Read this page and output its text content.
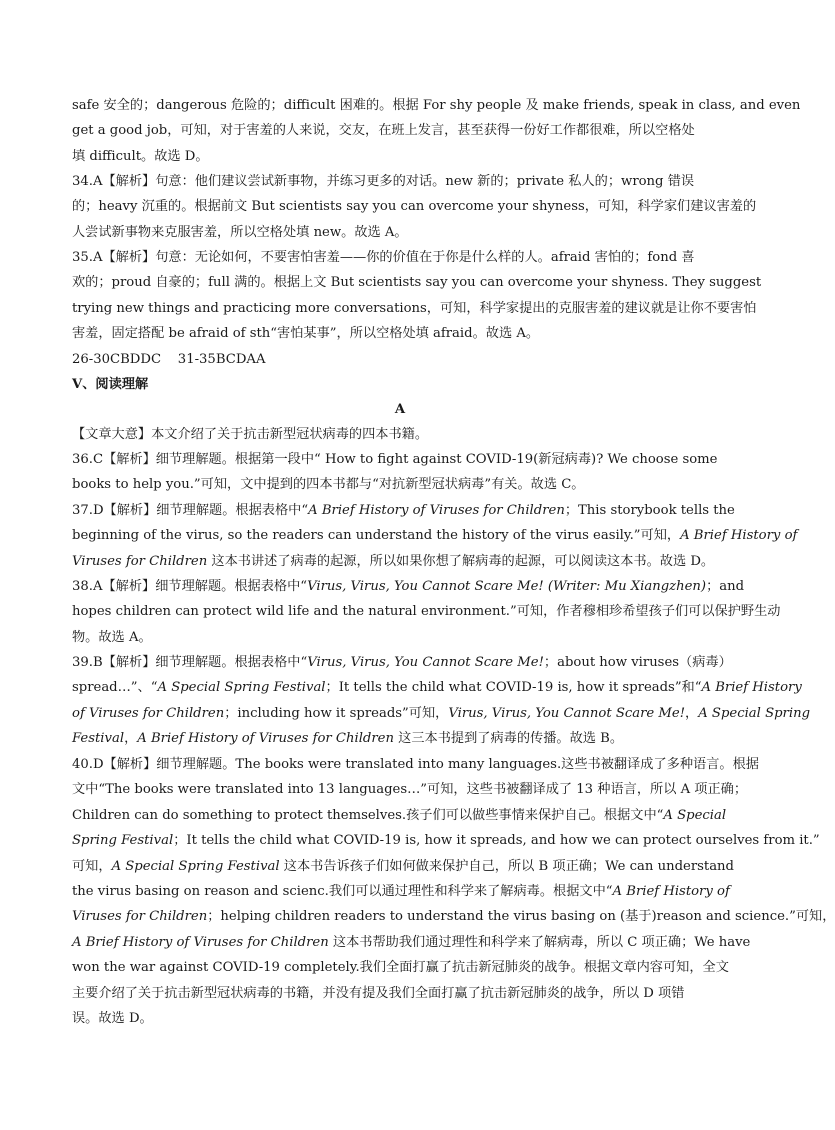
safe 安全的；dangerous 危险的；difficult 困难的。根据 For shy people 及 make friends, speak in class, and even
get a good job，可知，对于害羞的人来说，交友，在班上发言，甚至获得一份好工作都很难，所以空格处
填 difficult。故选 D。
34.A【解析】句意：他们建议尝试新事物，并练习更多的对话。new 新的；private 私人的；wrong 错误
的；heavy 沉重的。根据前文 But scientists say you can overcome your shyness，可知，科学家们建议害羞的
人尝试新事物来克服害羞，所以空格处填 new。故选 A。
35.A【解析】句意：无论如何，不要害怕害羞——你的价值在于你是什么样的人。afraid 害怕的；fond 喜
欢的；proud 自豪的；full 满的。根据上文 But scientists say you can overcome your shyness. They suggest
trying new things and practicing more conversations，可知，科学家提出的克服害羞的建议就是让你不要害怕
害羞，固定搭配 be afraid of sth“害怕某事”，所以空格处填 afraid。故选 A。
26-30CBDDC    31-35BCDAA
Ⅴ、阅读理解
A
【文章大意】本文介绍了关于抗击新型冠状病毒的四本书籍。
36.C【解析】细节理解题。根据第一段中“ How to fight against COVID-19(新冠病毒)? We choose some
books to help you.”可知，文中提到的四本书都与“对抗新型冠状病毒”有关。故选 C。
37.D【解析】细节理解题。根据表格中“A Brief History of Viruses for Children；This storybook tells the
beginning of the virus, so the readers can understand the history of the virus easily.”可知，A Brief History of
Viruses for Children 这本书讲述了病毒的起源，所以如果你想了解病毒的起源，可以阅读这本书。故选 D。
38.A【解析】细节理解题。根据表格中“Virus, Virus, You Cannot Scare Me! (Writer: Mu Xiangzhen)；and
hopes children can protect wild life and the natural environment.”可知，作者穆相珍希望孩子们可以保护野生动
物。故选 A。
39.B【解析】细节理解题。根据表格中“Virus, Virus, You Cannot Scare Me!；about how viruses（病毒）
spread…”、“A Special Spring Festival；It tells the child what COVID-19 is, how it spreads”和“A Brief History
of Viruses for Children；including how it spreads”可知，Virus, Virus, You Cannot Scare Me!，A Special Spring
Festival，A Brief History of Viruses for Children 这三本书提到了病毒的传播。故选 B。
40.D【解析】细节理解题。The books were translated into many languages.这些书被翻译成了多种语言。根据
文中“The books were translated into 13 languages…”可知，这些书被翻译成了 13 种语言，所以 A 项正确；
Children can do something to protect themselves.孩子们可以做些事情来保护自己。根据文中“A Special
Spring Festival；It tells the child what COVID-19 is, how it spreads, and how we can protect ourselves from it.”
可知，A Special Spring Festival 这本书告诉孩子们如何做来保护自己，所以 B 项正确；We can understand
the virus basing on reason and scienc.我们可以通过理性和科学来了解病毒。根据文中“A Brief History of
Viruses for Children；helping children readers to understand the virus basing on (基于)reason and science.”可知，
A Brief History of Viruses for Children 这本书帮助我们通过理性和科学来了解病毒，所以 C 项正确；We have
won the war against COVID-19 completely.我们全面打赢了抗击新冠肺炎的战争。根据文章内容可知，全文
主要介绍了关于抗击新型冠状病毒的书籍，并没有提及我们全面打赢了抗击新冠肺炎的战争，所以 D 项错
误。故选 D。
